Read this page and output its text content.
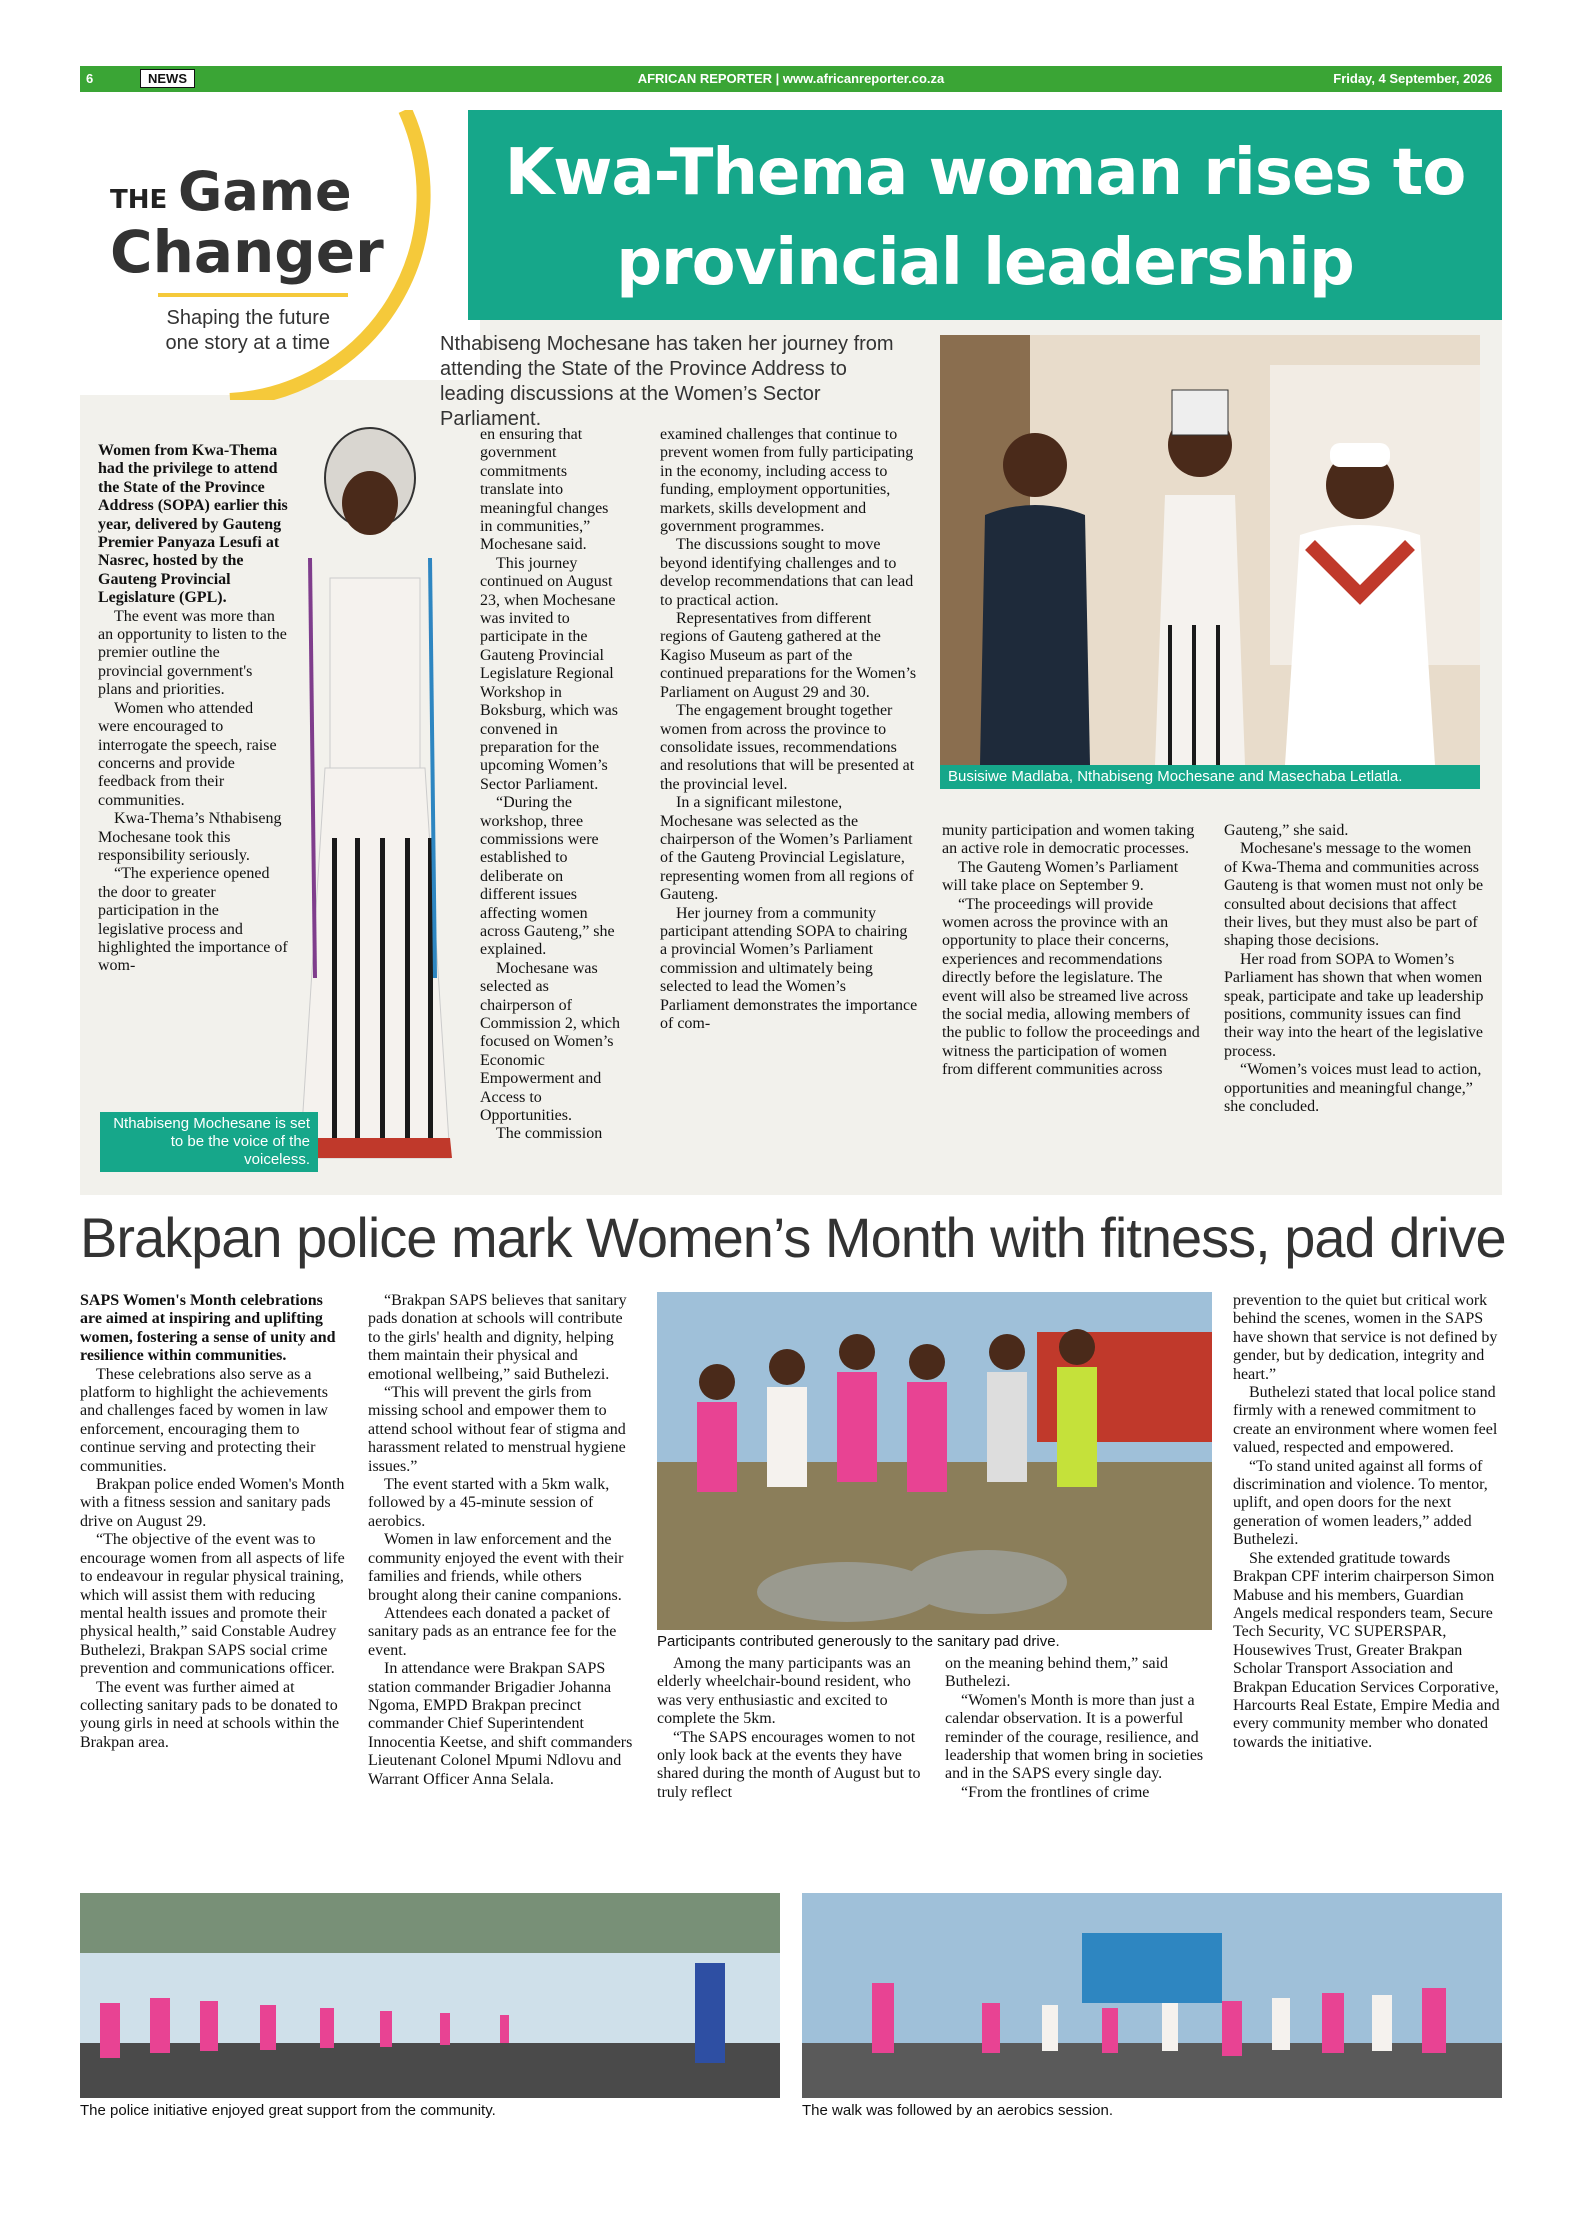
6	NEWS	AFRICAN REPORTER | www.africanreporter.co.za	Friday, 4 September, 2026
THE Game
Changer
Shaping the future
one story at a time
Kwa-Thema woman rises to
provincial leadership
Nthabiseng Mochesane has taken her journey from attending the State of the Province Address to leading discussions at the Women’s Sector Parliament.
Nthabiseng Mochesane is set to be the voice of the voiceless.

Women from Kwa-Thema had the privilege to attend the State of the Province Address (SOPA) earlier this year, delivered by Gauteng Premier Panyaza Lesufi at Nasrec, hosted by the Gauteng Provincial Legislature (GPL).

The event was more than an opportunity to listen to the premier outline the provincial government's plans and priorities.

Women who attended were encouraged to interrogate the speech, raise concerns and provide feedback from their communities.

Kwa-Thema’s Nthabiseng Mochesane took this responsibility seriously.

“The experience opened the door to greater participation in the legislative process and highlighted the importance of wom-

en ensuring that government commitments translate into meaningful changes in communities,” Mochesane said.

This journey continued on August 23, when Mochesane was invited to participate in the Gauteng Provincial Legislature Regional Workshop in Boksburg, which was convened in preparation for the upcoming Women’s Sector Parliament.

“During the workshop, three commissions were established to deliberate on different issues affecting women across Gauteng,” she explained.

Mochesane was selected as chairperson of Commission 2, which focused on Women’s Economic Empowerment and Access to Opportunities.

The commission

examined challenges that continue to prevent women from fully participating in the economy, including access to funding, employment opportunities, markets, skills development and government programmes.

The discussions sought to move beyond identifying challenges and to develop recommendations that can lead to practical action.

Representatives from different regions of Gauteng gathered at the Kagiso Museum as part of the continued preparations for the Women’s Parliament on August 29 and 30.

The engagement brought together women from across the province to consolidate issues, recommendations and resolutions that will be presented at the provincial level.

In a significant milestone, Mochesane was selected as the chairperson of the Women’s Parliament of the Gauteng Provincial Legislature, representing women from all regions of Gauteng.

Her journey from a community participant attending SOPA to chairing a provincial Women’s Parliament commission and ultimately being selected to lead the Women’s Parliament demonstrates the importance of com-

Busisiwe Madlaba, Nthabiseng Mochesane and Masechaba Letlatla.

munity participation and women taking an active role in democratic processes.

The Gauteng Women’s Parliament will take place on September 9.

“The proceedings will provide women across the province with an opportunity to place their concerns, experiences and recommendations directly before the legislature. The event will also be streamed live across the social media, allowing members of the public to follow the proceedings and witness the participation of women from different communities across

Gauteng,” she said.

Mochesane's message to the women of Kwa-Thema and communities across Gauteng is that women must not only be consulted about decisions that affect their lives, but they must also be part of shaping those decisions.

Her road from SOPA to Women’s Parliament has shown that when women speak, participate and take up leadership positions, community issues can find their way into the heart of the legislative process.

“Women’s voices must lead to action, opportunities and meaningful change,” she concluded.

Brakpan police mark Women’s Month with fitness, pad drive

SAPS Women's Month celebrations are aimed at inspiring and uplifting women, fostering a sense of unity and resilience within communities.

These celebrations also serve as a platform to highlight the achievements and challenges faced by women in law enforcement, encouraging them to continue serving and protecting their communities.

Brakpan police ended Women's Month with a fitness session and sanitary pads drive on August 29.

“The objective of the event was to encourage women from all aspects of life to endeavour in regular physical training, which will assist them with reducing mental health issues and promote their physical health,” said Constable Audrey Buthelezi, Brakpan SAPS social crime prevention and communications officer.

The event was further aimed at collecting sanitary pads to be donated to young girls in need at schools within the Brakpan area.

“Brakpan SAPS believes that sanitary pads donation at schools will contribute to the girls' health and dignity, helping them maintain their physical and emotional wellbeing,” said Buthelezi.

“This will prevent the girls from missing school and empower them to attend school without fear of stigma and harassment related to menstrual hygiene issues.”

The event started with a 5km walk, followed by a 45-minute session of aerobics.

Women in law enforcement and the community enjoyed the event with their families and friends, while others brought along their canine companions.

Attendees each donated a packet of sanitary pads as an entrance fee for the event.

In attendance were Brakpan SAPS station commander Brigadier Johanna Ngoma, EMPD Brakpan precinct commander Chief Superintendent Innocentia Keetse, and shift commanders Lieutenant Colonel Mpumi Ndlovu and Warrant Officer Anna Selala.

Participants contributed generously to the sanitary pad drive.

Among the many participants was an elderly wheelchair-bound resident, who was very enthusiastic and excited to complete the 5km.

“The SAPS encourages women to not only look back at the events they have shared during the month of August but to truly reflect

on the meaning behind them,” said Buthelezi.

“Women's Month is more than just a calendar observation. It is a powerful reminder of the courage, resilience, and leadership that women bring in societies and in the SAPS every single day.

“From the frontlines of crime

prevention to the quiet but critical work behind the scenes, women in the SAPS have shown that service is not defined by gender, but by dedication, integrity and heart.”

Buthelezi stated that local police stand firmly with a renewed commitment to create an environment where women feel valued, respected and empowered.

“To stand united against all forms of discrimination and violence. To mentor, uplift, and open doors for the next generation of women leaders,” added Buthelezi.

She extended gratitude towards Brakpan CPF interim chairperson Simon Mabuse and his members, Guardian Angels medical responders team, Secure Tech Security, VC SUPERSPAR, Housewives Trust, Greater Brakpan Scholar Transport Association and Brakpan Education Services Corporative, Harcourts Real Estate, Empire Media and every community member who donated towards the initiative.

The police initiative enjoyed great support from the community.	The walk was followed by an aerobics session.
